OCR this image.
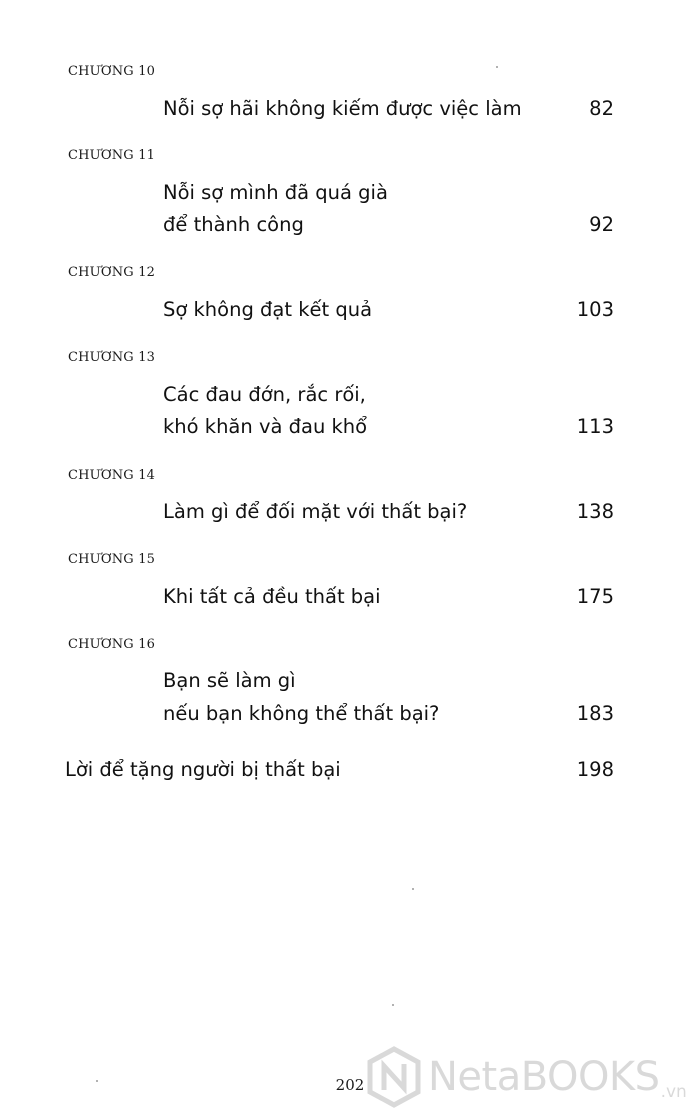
CHƯƠNG 10
Nỗi sợ hãi không kiếm được việc làm	82
CHƯƠNG 11
Nỗi sợ mình đã quá già
để thành công	92
CHƯƠNG 12
Sợ không đạt kết quả	103
CHƯƠNG 13
Các đau đớn, rắc rối,
khó khăn và đau khổ	113
CHƯƠNG 14
Làm gì để đối mặt với thất bại?	138
CHƯƠNG 15
Khi tất cả đều thất bại	175
CHƯƠNG 16
Bạn sẽ làm gì
nếu bạn không thể thất bại?	183
Lời để tặng người bị thất bại	198
202	NetaBOOKS .vn
